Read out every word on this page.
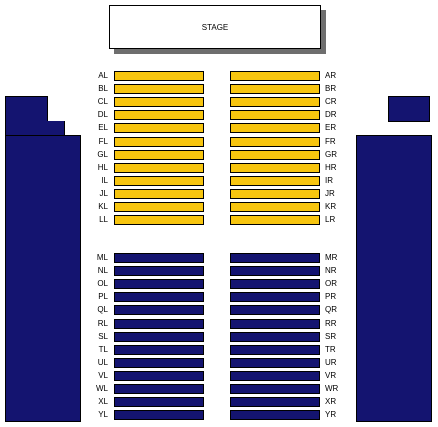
STAGE
AL	AR
BL	BR
CL	CR
DL	DR
EL	ER
FL	FR
GL	GR
HL	HR
IL	IR
JL	JR
KL	KR
LL	LR
ML	MR
NL	NR
OL	OR
PL	PR
QL	QR
RL	RR
SL	SR
TL	TR
UL	UR
VL	VR
WL	WR
XL	XR
YL	YR
